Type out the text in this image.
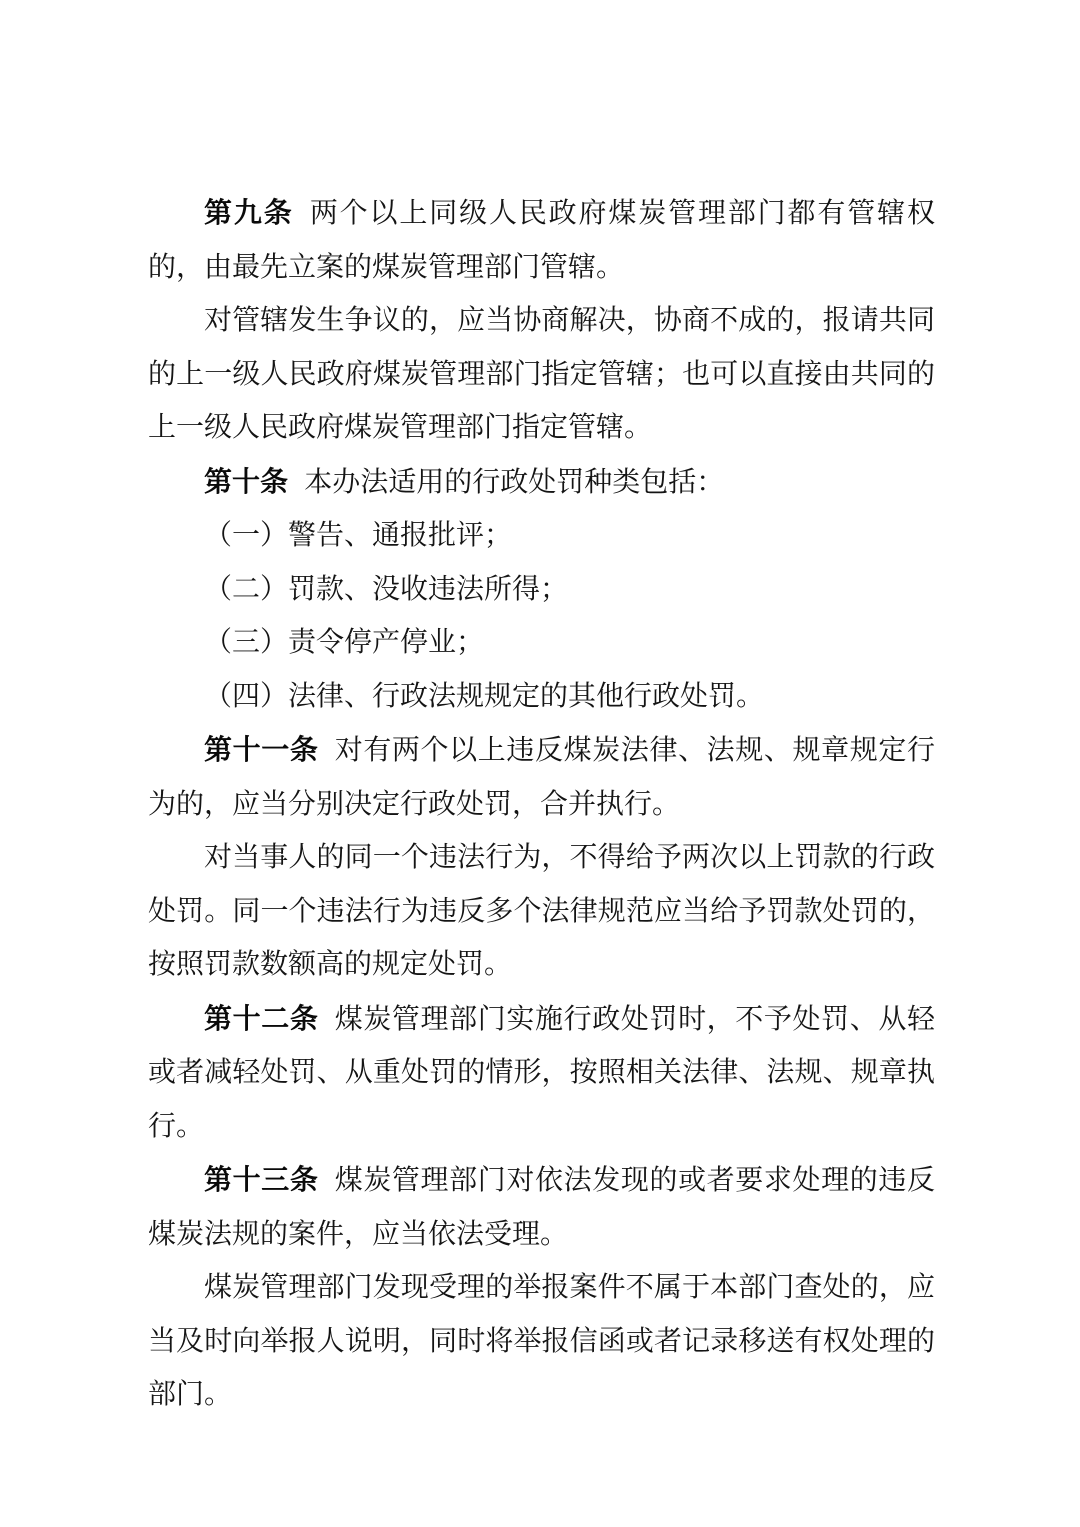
第九条 两个以上同级人民政府煤炭管理部门都有管辖权的，由最先立案的煤炭管理部门管辖。

对管辖发生争议的，应当协商解决，协商不成的，报请共同的上一级人民政府煤炭管理部门指定管辖；也可以直接由共同的上一级人民政府煤炭管理部门指定管辖。

第十条 本办法适用的行政处罚种类包括：

（一）警告、通报批评；

（二）罚款、没收违法所得；

（三）责令停产停业；

（四）法律、行政法规规定的其他行政处罚。

第十一条 对有两个以上违反煤炭法律、法规、规章规定行为的，应当分别决定行政处罚，合并执行。

对当事人的同一个违法行为，不得给予两次以上罚款的行政处罚。同一个违法行为违反多个法律规范应当给予罚款处罚的，按照罚款数额高的规定处罚。

第十二条 煤炭管理部门实施行政处罚时，不予处罚、从轻或者减轻处罚、从重处罚的情形，按照相关法律、法规、规章执行。

第十三条 煤炭管理部门对依法发现的或者要求处理的违反煤炭法规的案件，应当依法受理。

煤炭管理部门发现受理的举报案件不属于本部门查处的，应当及时向举报人说明，同时将举报信函或者记录移送有权处理的部门。
